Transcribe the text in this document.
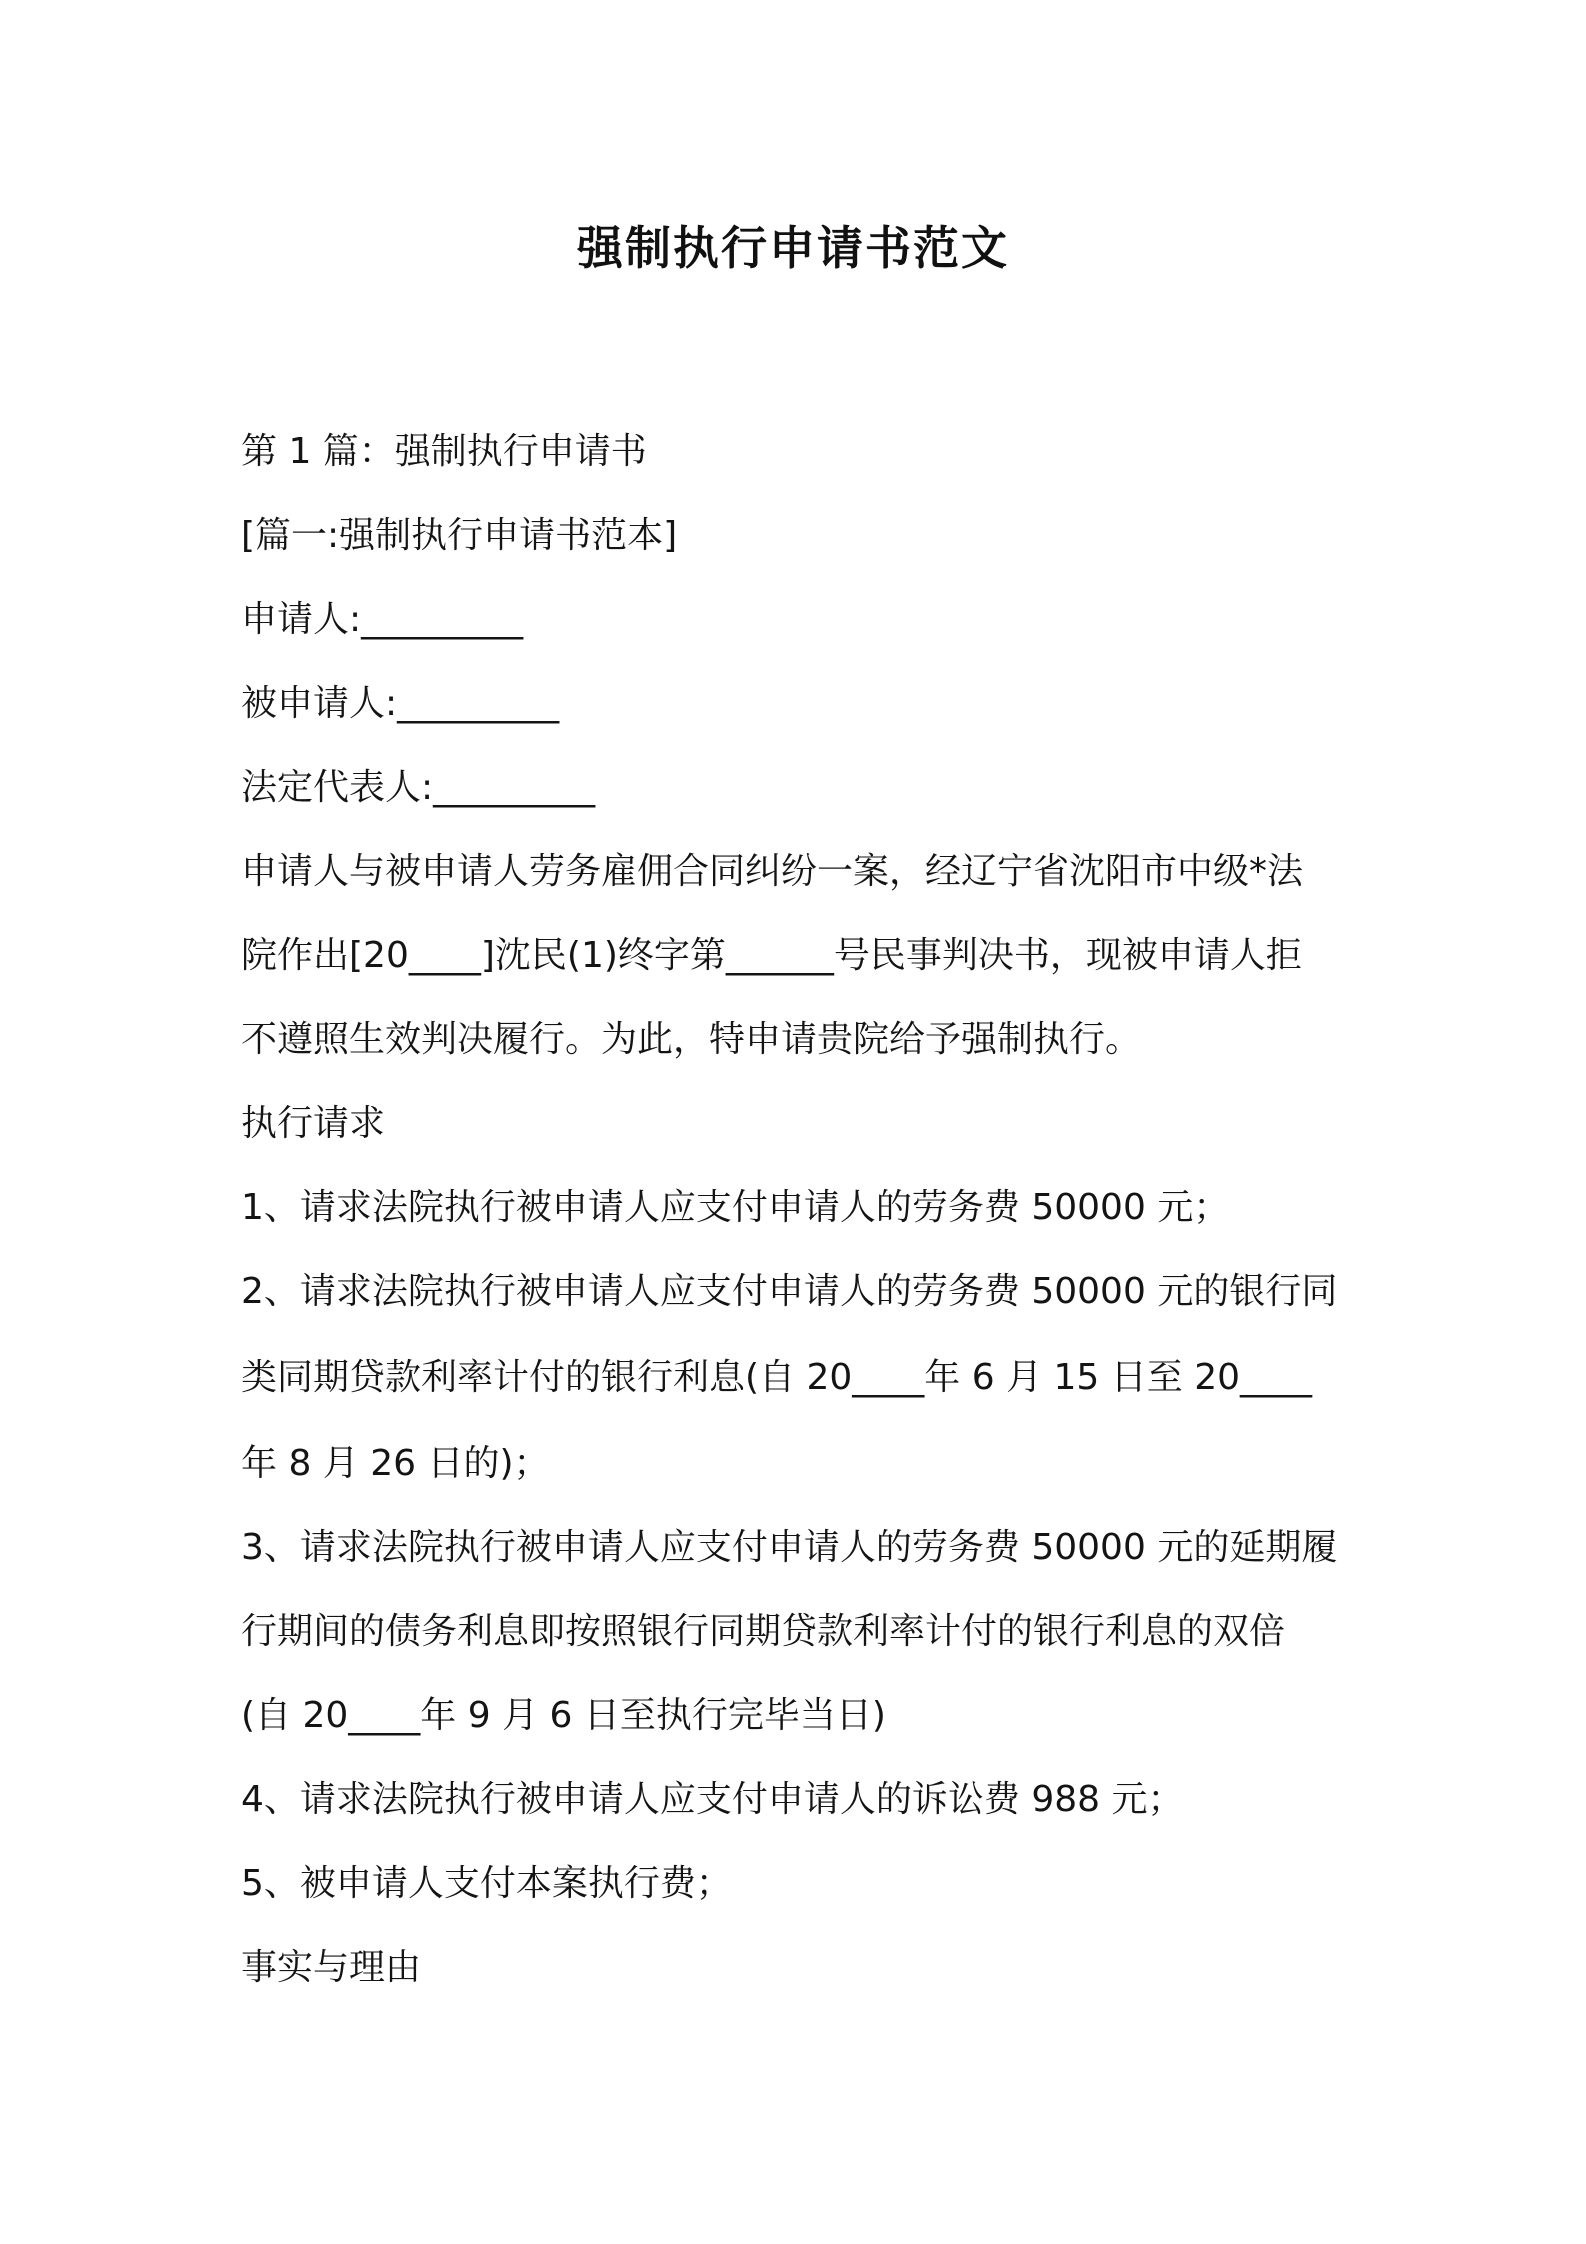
强制执行申请书范文
第 1 篇：强制执行申请书
[篇一:强制执行申请书范本]
申请人:_________
被申请人:_________
法定代表人:_________
申请人与被申请人劳务雇佣合同纠纷一案，经辽宁省沈阳市中级*法
院作出[20____]沈民(1)终字第______号民事判决书，现被申请人拒
不遵照生效判决履行。为此，特申请贵院给予强制执行。
执行请求
1、请求法院执行被申请人应支付申请人的劳务费 50000 元；
2、请求法院执行被申请人应支付申请人的劳务费 50000 元的银行同
类同期贷款利率计付的银行利息(自 20____年 6 月 15 日至 20____
年 8 月 26 日的)；
3、请求法院执行被申请人应支付申请人的劳务费 50000 元的延期履
行期间的债务利息即按照银行同期贷款利率计付的银行利息的双倍
(自 20____年 9 月 6 日至执行完毕当日)
4、请求法院执行被申请人应支付申请人的诉讼费 988 元；
5、被申请人支付本案执行费；
事实与理由
